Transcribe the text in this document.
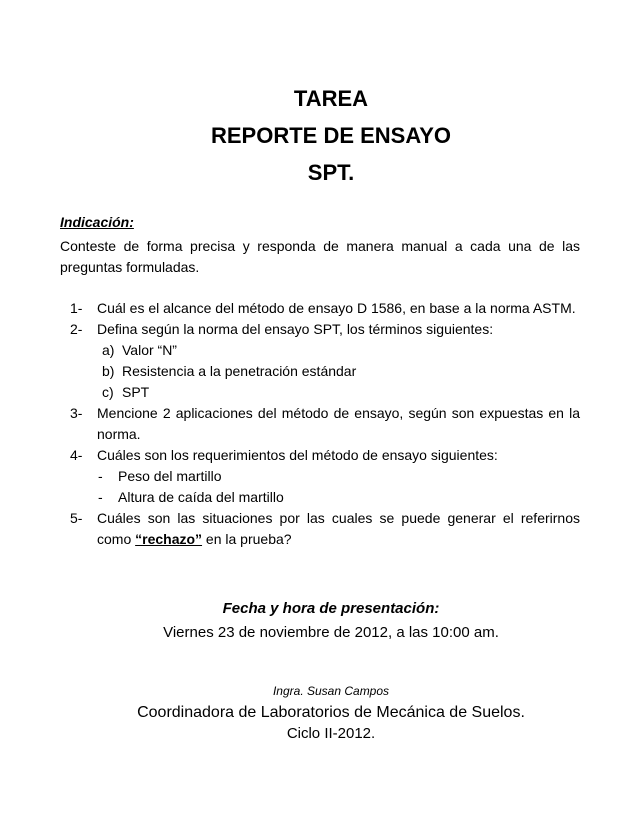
TAREA
REPORTE DE ENSAYO
SPT.
Indicación:
Conteste de forma precisa y responda de manera manual a cada una de las preguntas formuladas.
1-	Cuál es el alcance del método de ensayo D 1586, en base a la norma ASTM.
2-	Defina según la norma del ensayo SPT, los términos siguientes:
a) Valor “N”
b) Resistencia a la penetración estándar
c) SPT
3-	Mencione 2 aplicaciones del método de ensayo, según son expuestas en la norma.
4-	Cuáles son los requerimientos del método de ensayo siguientes:
-	Peso del martillo
-	Altura de caída del martillo
5-	Cuáles son las situaciones por las cuales se puede generar el referirnos como “rechazo” en la prueba?
Fecha y hora de presentación:
Viernes 23 de noviembre de 2012, a las 10:00 am.
Ingra. Susan Campos
Coordinadora de Laboratorios de Mecánica de Suelos.
Ciclo II-2012.
